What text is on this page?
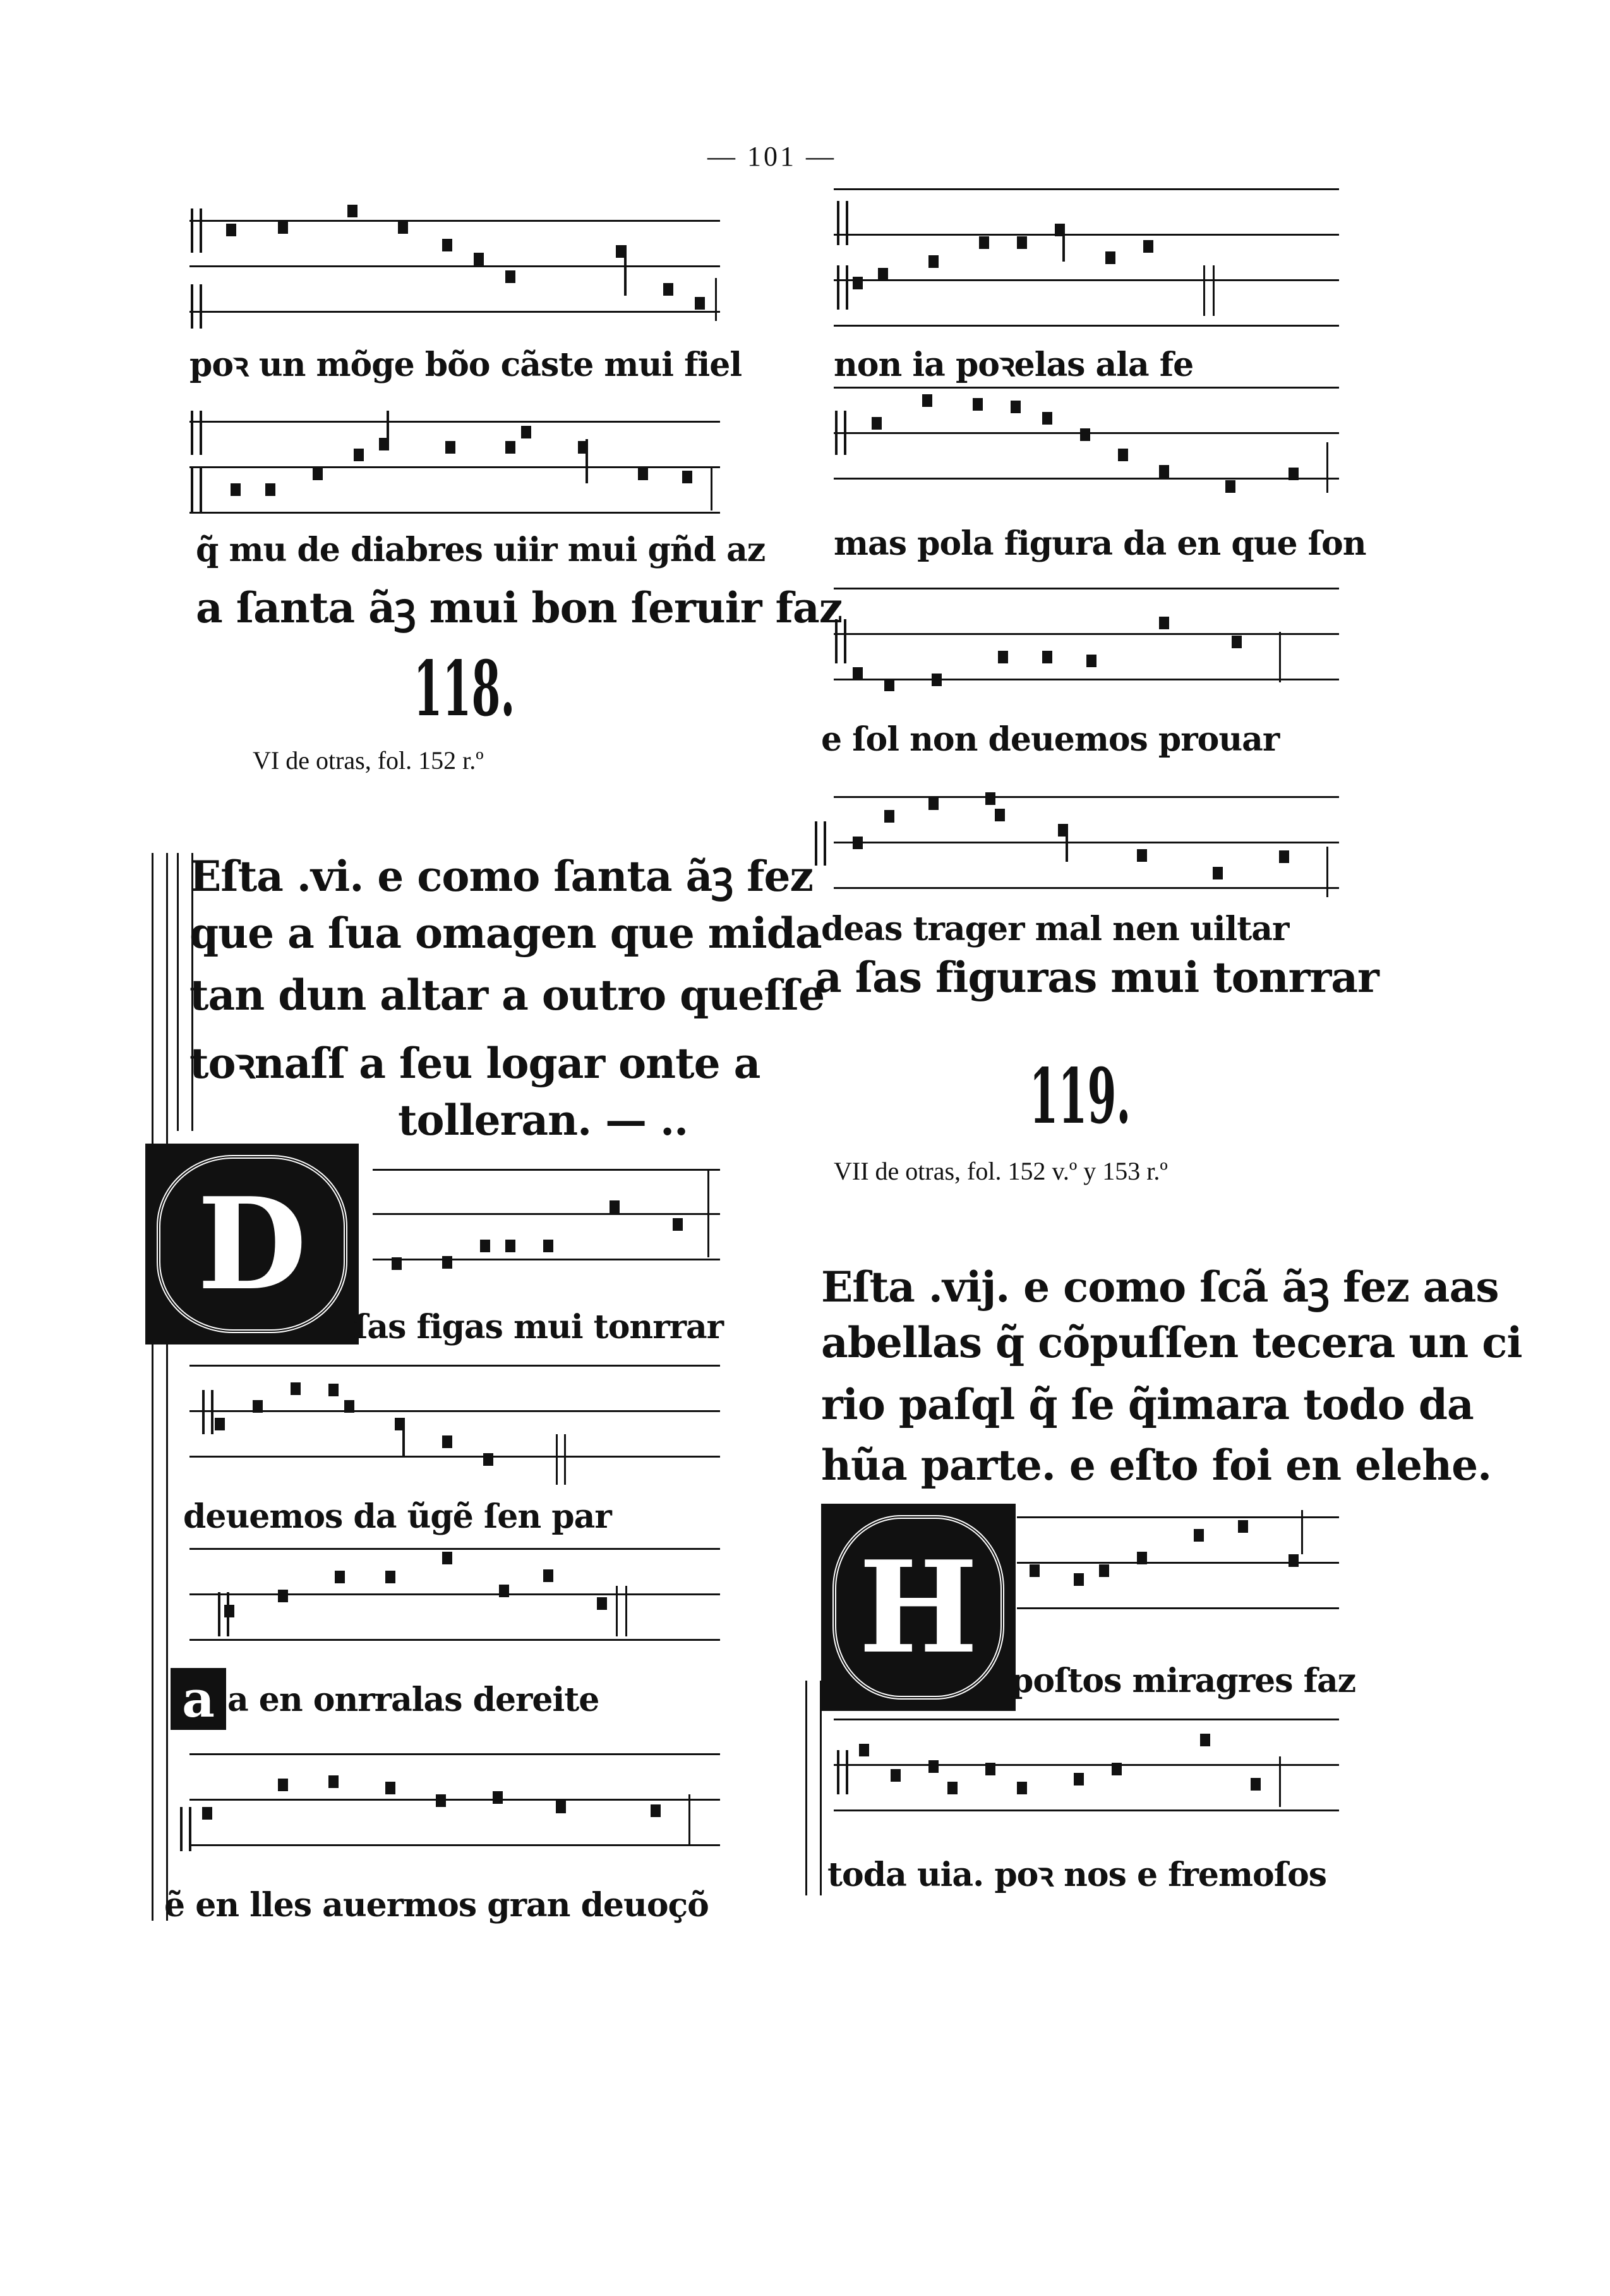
— 101 —
poꝛ un mõge bõo cãste mui fiel
q̃ mu de diabres uiir mui gñd az
a ſanta ãꝫ mui bon ſeruir faz
118.
VI de otras, fol. 152 r.º
Eſta .vi. e como ſanta ãꝫ fez
que a ſua omagen que mida
tan dun altar a outro queſſe
toꝛnaſſ a ſeu logar onte a
tolleran. — ..
D
ſas figas mui tonrrar
deuemos da ũgẽ ſen par
a a en onrralas dereite
ẽ en lles auermos gran deuoçõ
non ia poꝛelas ala fe
mas pola figura da en que ſon
e ſol non deuemos prouar
deas trager mal nen uiltar
a ſas figuras mui tonrrar
119.
VII de otras, fol. 152 v.º y 153 r.º
Eſta .vij. e como ſcã ãꝫ fez aas
abellas q̃ cõpuſſen tecera un ci
rio paſql q̃ ſe q̃imara todo da
hũa parte. e eſto foi en elehe.
H poſtos miragres faz
toda uia. poꝛ nos e fremoſos
